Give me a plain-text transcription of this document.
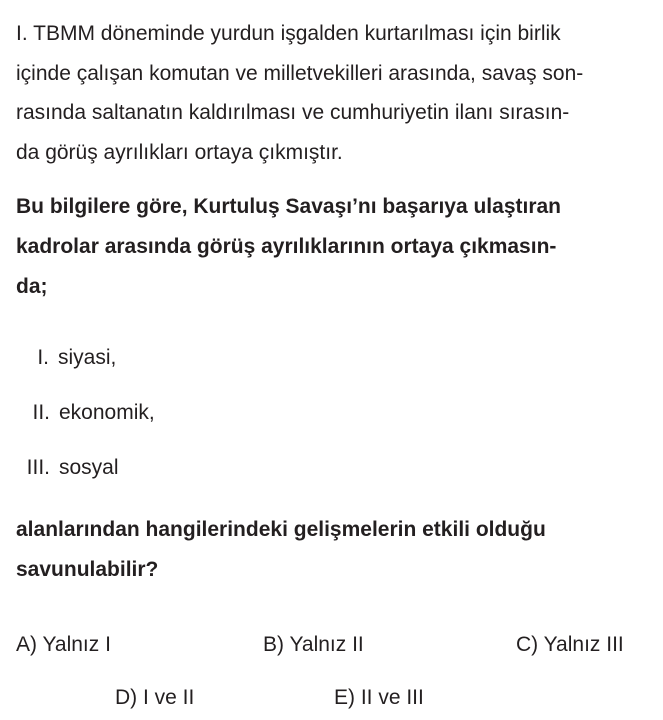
I. TBMM döneminde yurdun işgalden kurtarılması için birlik
içinde çalışan komutan ve milletvekilleri arasında, savaş son-
rasında saltanatın kaldırılması ve cumhuriyetin ilanı sırasın-
da görüş ayrılıkları ortaya çıkmıştır.
Bu bilgilere göre, Kurtuluş Savaşı’nı başarıya ulaştıran
kadrolar arasında görüş ayrılıklarının ortaya çıkmasın-
da;
I. siyasi,
II. ekonomik,
III. sosyal
alanlarından hangilerindeki gelişmelerin etkili olduğu
savunulabilir?
A) Yalnız I	B) Yalnız II	C) Yalnız III
D) I ve II	E) II ve III
